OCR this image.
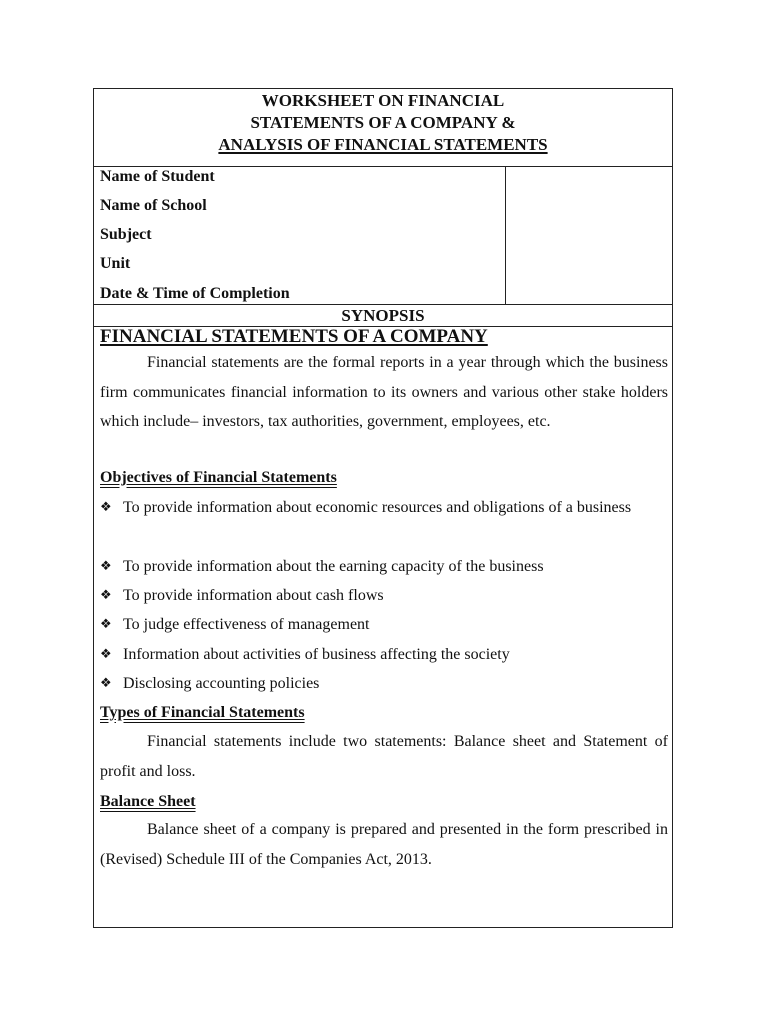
WORKSHEET ON FINANCIAL
STATEMENTS OF A COMPANY &
ANALYSIS OF FINANCIAL STATEMENTS
Name of Student
Name of School
Subject
Unit
Date & Time of Completion
SYNOPSIS
FINANCIAL STATEMENTS OF A COMPANY
Financial statements are the formal reports in a year through which the business firm communicates financial information to its owners and various other stake holders which include– investors, tax authorities, government, employees, etc.
Objectives of Financial Statements
❖ To provide information about economic resources and obligations of a business
❖ To provide information about the earning capacity of the business
❖ To provide information about cash flows
❖ To judge effectiveness of management
❖ Information about activities of business affecting the society
❖ Disclosing accounting policies
Types of Financial Statements
Financial statements include two statements: Balance sheet and Statement of profit and loss.
Balance Sheet
Balance sheet of a company is prepared and presented in the form prescribed in (Revised) Schedule III of the Companies Act, 2013.
